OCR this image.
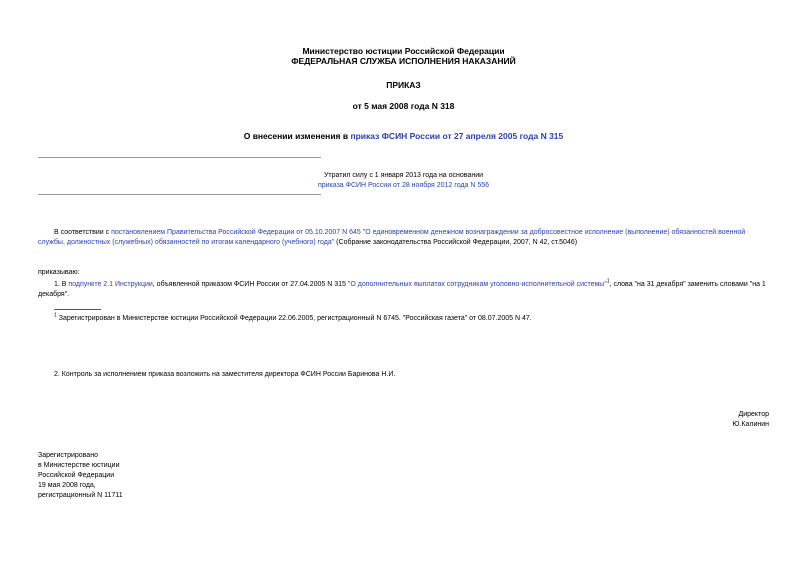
Министерство юстиции Российской Федерации
ФЕДЕРАЛЬНАЯ СЛУЖБА ИСПОЛНЕНИЯ НАКАЗАНИЙ
ПРИКАЗ
от 5 мая 2008 года N 318
О внесении изменения в приказ ФСИН России от 27 апреля 2005 года N 315
Утратил силу с 1 января 2013 года на основании
приказа ФСИН России от 28 ноября 2012 года N 556
В соответствии с постановлением Правительства Российской Федерации от 05.10.2007 N 645 "О единовременном денежном вознаграждении за добросовестное исполнение (выполнение) обязанностей военной службы, должностных (служебных) обязанностей по итогам календарного (учебного) года" (Собрание законодательства Российской Федерации, 2007, N 42, ст.5046)
приказываю:
1. В подпункте 2.1 Инструкции, объявленной приказом ФСИН России от 27.04.2005 N 315 "О дополнительных выплатах сотрудникам уголовно-исполнительной системы"$^1$, слова "на 31 декабря" заменить словами "на 1 декабря".
$^1$ Зарегистрирован в Министерстве юстиции Российской Федерации 22.06.2005, регистрационный N 6745. "Российская газета" от 08.07.2005 N 47.
2. Контроль за исполнением приказа возложить на заместителя директора ФСИН России Баринова Н.И.
Директор
Ю.Калинин
Зарегистрировано
в Министерстве юстиции
Российской Федерации
19 мая 2008 года,
регистрационный N 11711
